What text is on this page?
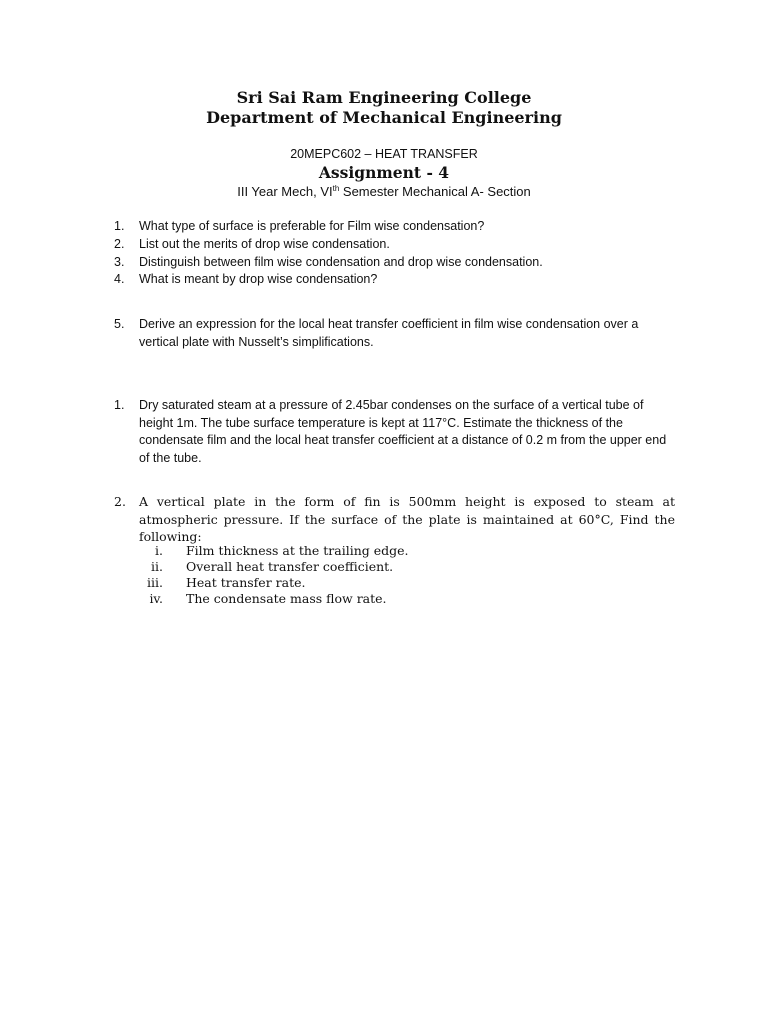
Sri Sai Ram Engineering College
Department of Mechanical Engineering
20MEPC602 – HEAT TRANSFER
Assignment - 4
III Year Mech, VIth Semester Mechanical A- Section
1.	What type of surface is preferable for Film wise condensation?
2.	List out the merits of drop wise condensation.
3.	Distinguish between film wise condensation and drop wise condensation.
4.	What is meant by drop wise condensation?
5.	Derive an expression for the local heat transfer coefficient in film wise condensation over a vertical plate with Nusselt’s simplifications.
1.	Dry saturated steam at a pressure of 2.45bar condenses on the surface of a vertical tube of height 1m. The tube surface temperature is kept at 117°C. Estimate the thickness of the condensate film and the local heat transfer coefficient at a distance of 0.2 m from the upper end of the tube.
2.	A vertical plate in the form of fin is 500mm height is exposed to steam at atmospheric pressure. If the surface of the plate is maintained at 60°C, Find the following:
i. Film thickness at the trailing edge.
ii. Overall heat transfer coefficient.
iii. Heat transfer rate.
iv. The condensate mass flow rate.
